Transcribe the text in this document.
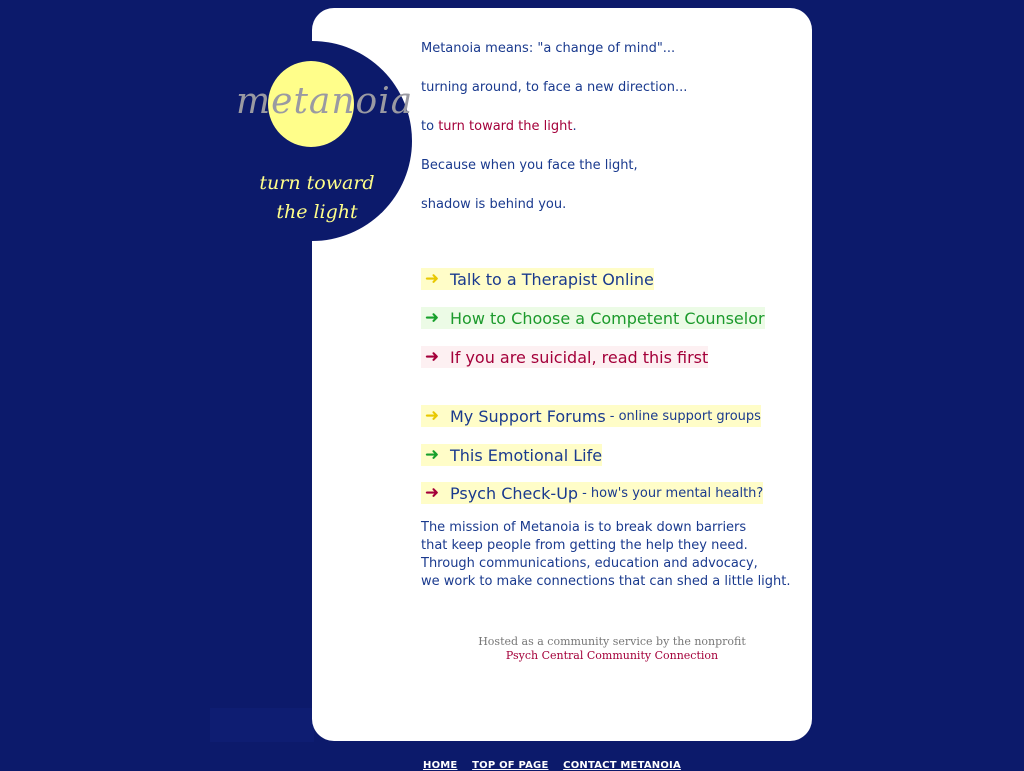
metanoia
turn toward
the light

Metanoia means: "a change of mind"...

turning around, to face a new direction...

to turn toward the light.

Because when you face the light,

shadow is behind you.

➜ Talk to a Therapist Online
➜ How to Choose a Competent Counselor
➜ If you are suicidal, read this first
➜ My Support Forums - online support groups
➜ This Emotional Life
➜ Psych Check-Up - how's your mental health?
The mission of Metanoia is to break down barriers
that keep people from getting the help they need.
Through communications, education and advocacy,
we work to make connections that can shed a little light.
Hosted as a community service by the nonprofit
Psych Central Community Connection
HOME TOP OF PAGE CONTACT METANOIA
